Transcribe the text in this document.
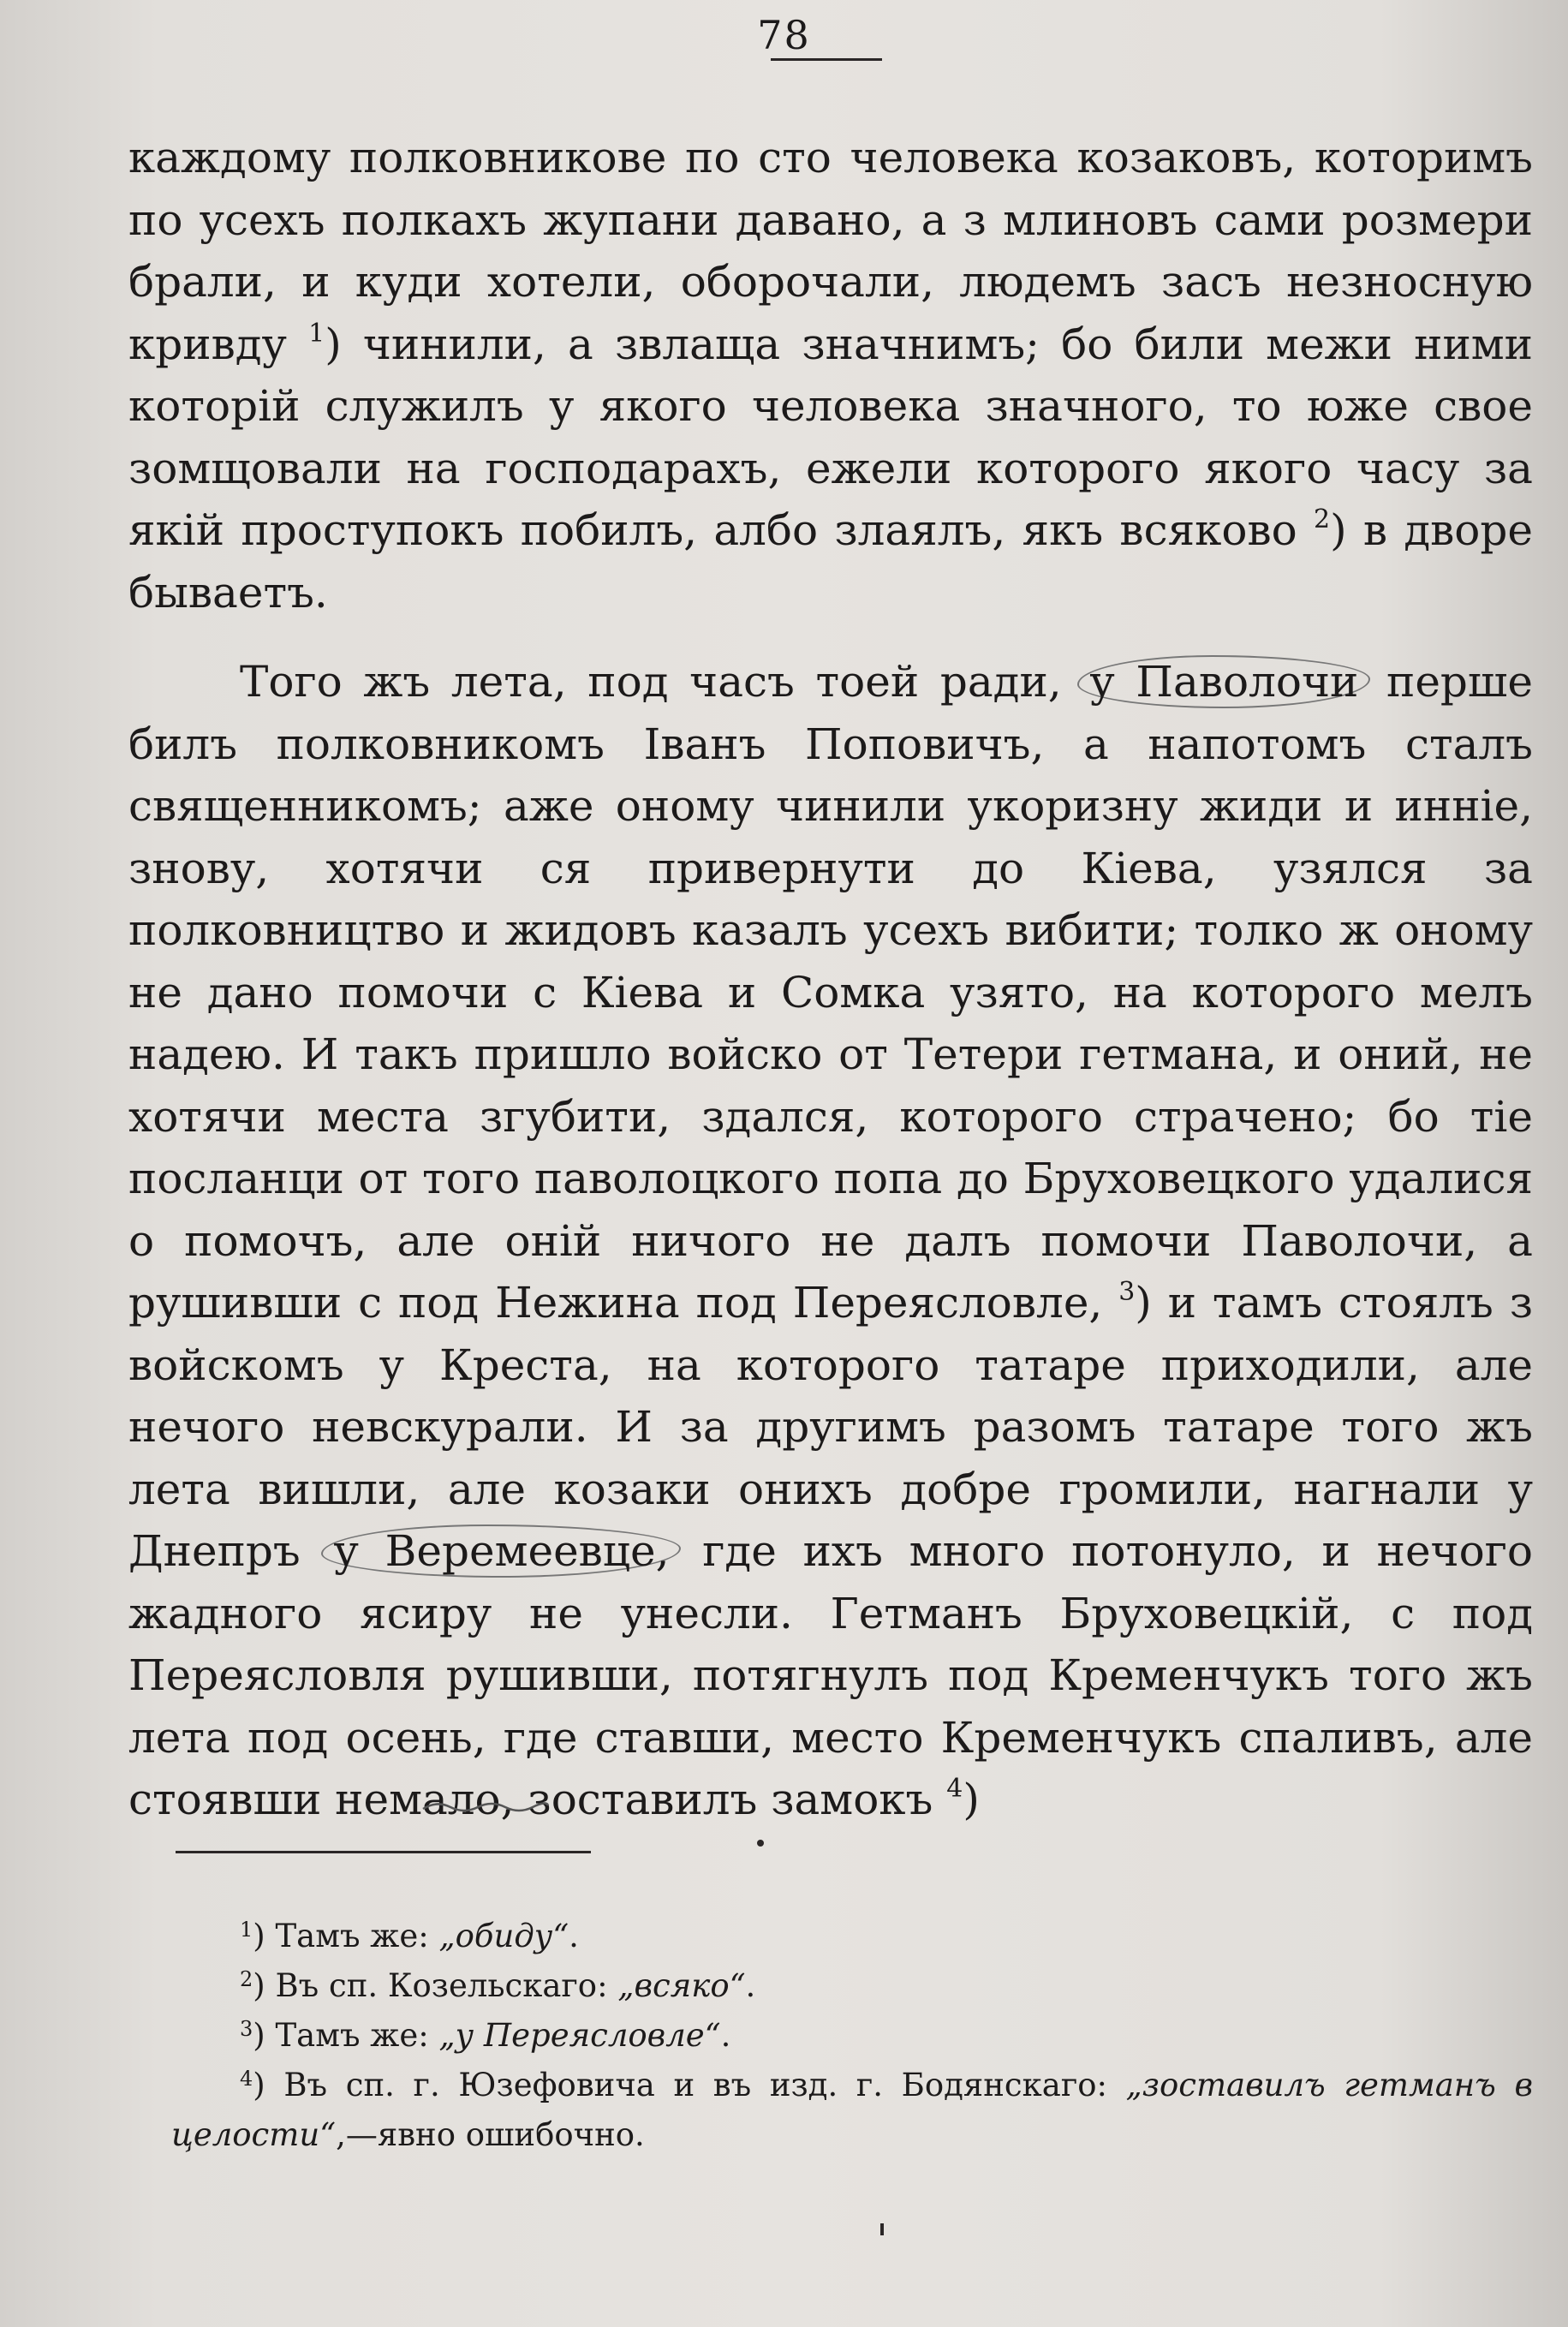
78

каждому полковникове по сто человека козаковъ, которимъ по усехъ полкахъ жупани давано, а з млиновъ сами розмери брали, и куди хотели, оборочали, людемъ засъ незносную кривду $^1$) чинили, а звлаща значнимъ; бо били межи ними которiй служилъ у якого человека значного, то юже свое зомщовали на господарахъ, ежели которого якого часу за якiй проступокъ побилъ, албо злаялъ, якъ всяково $^2$) в дворе бываетъ.

Того жъ лета, под часъ тоей ради, у Паволочи перше билъ полковникомъ Iванъ Поповичъ, а напотомъ сталъ священникомъ; аже оному чинили укоризну жиди и иннiе, знову, хотячи ся привернути до Кiева, узялся за полковництво и жидовъ казалъ усехъ вибити; толко ж оному не дано помочи с Кiева и Сомка узято, на которого мелъ надею. И такъ пришло войско от Тетери гетмана, и оний, не хотячи места згубити, здался, которого страчено; бо тiе посланци от того паволоцкого попа до Бруховецкого удалися о помочъ, але оній ничого не далъ помочи Паволочи, а рушивши с под Нежина под Переясловле, $^3$) и тамъ стоялъ з войскомъ у Креста, на которого татаре приходили, але нечого невскурали. И за другимъ разомъ татаре того жъ лета вишли, але козаки онихъ добре громили, нагнали у Днепръ у Веремеевце, где ихъ много потонуло, и нечого жадного ясиру не унесли. Гетманъ Бруховецкiй, с под Переясловля рушивши, потягнулъ под Кременчукъ того жъ лета под осень, где ставши, место Кременчукъ спаливъ, але стоявши немало, зоставилъ замокъ $^4$)

$^1$) Тамъ же: „обиду“.

$^2$) Въ сп. Козельскаго: „всяко“.

$^3$) Тамъ же: „у Переясловле“.

$^4$) Въ сп. г. Юзефовича и въ изд. г. Бодянскаго: „зоставилъ гетманъ в целости“,—явно ошибочно.
